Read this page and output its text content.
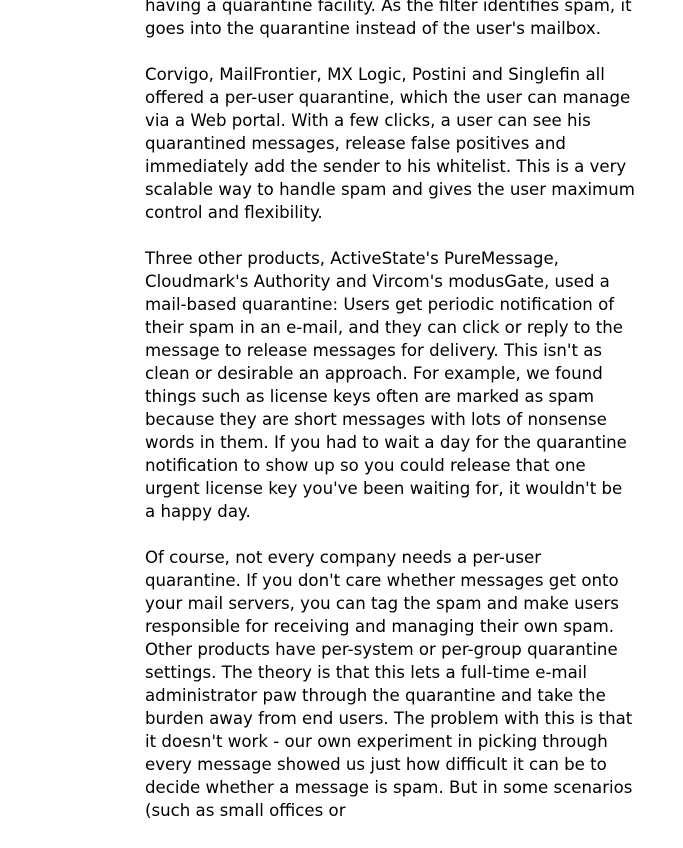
having a quarantine facility. As the filter identifies spam, it goes into the quarantine instead of the user's mailbox.

Corvigo, MailFrontier, MX Logic, Postini and Singlefin all offered a per-user quarantine, which the user can manage via a Web portal. With a few clicks, a user can see his quarantined messages, release false positives and immediately add the sender to his whitelist. This is a very scalable way to handle spam and gives the user maximum control and flexibility.

Three other products, ActiveState's PureMessage, Cloudmark's Authority and Vircom's modusGate, used a mail-based quarantine: Users get periodic notification of their spam in an e-mail, and they can click or reply to the message to release messages for delivery. This isn't as clean or desirable an approach. For example, we found things such as license keys often are marked as spam because they are short messages with lots of nonsense words in them. If you had to wait a day for the quarantine notification to show up so you could release that one urgent license key you've been waiting for, it wouldn't be a happy day.

Of course, not every company needs a per-user quarantine. If you don't care whether messages get onto your mail servers, you can tag the spam and make users responsible for receiving and managing their own spam. Other products have per-system or per-group quarantine settings. The theory is that this lets a full-time e-mail administrator paw through the quarantine and take the burden away from end users. The problem with this is that it doesn't work - our own experiment in picking through every message showed us just how difficult it can be to decide whether a message is spam. But in some scenarios (such as small offices or
